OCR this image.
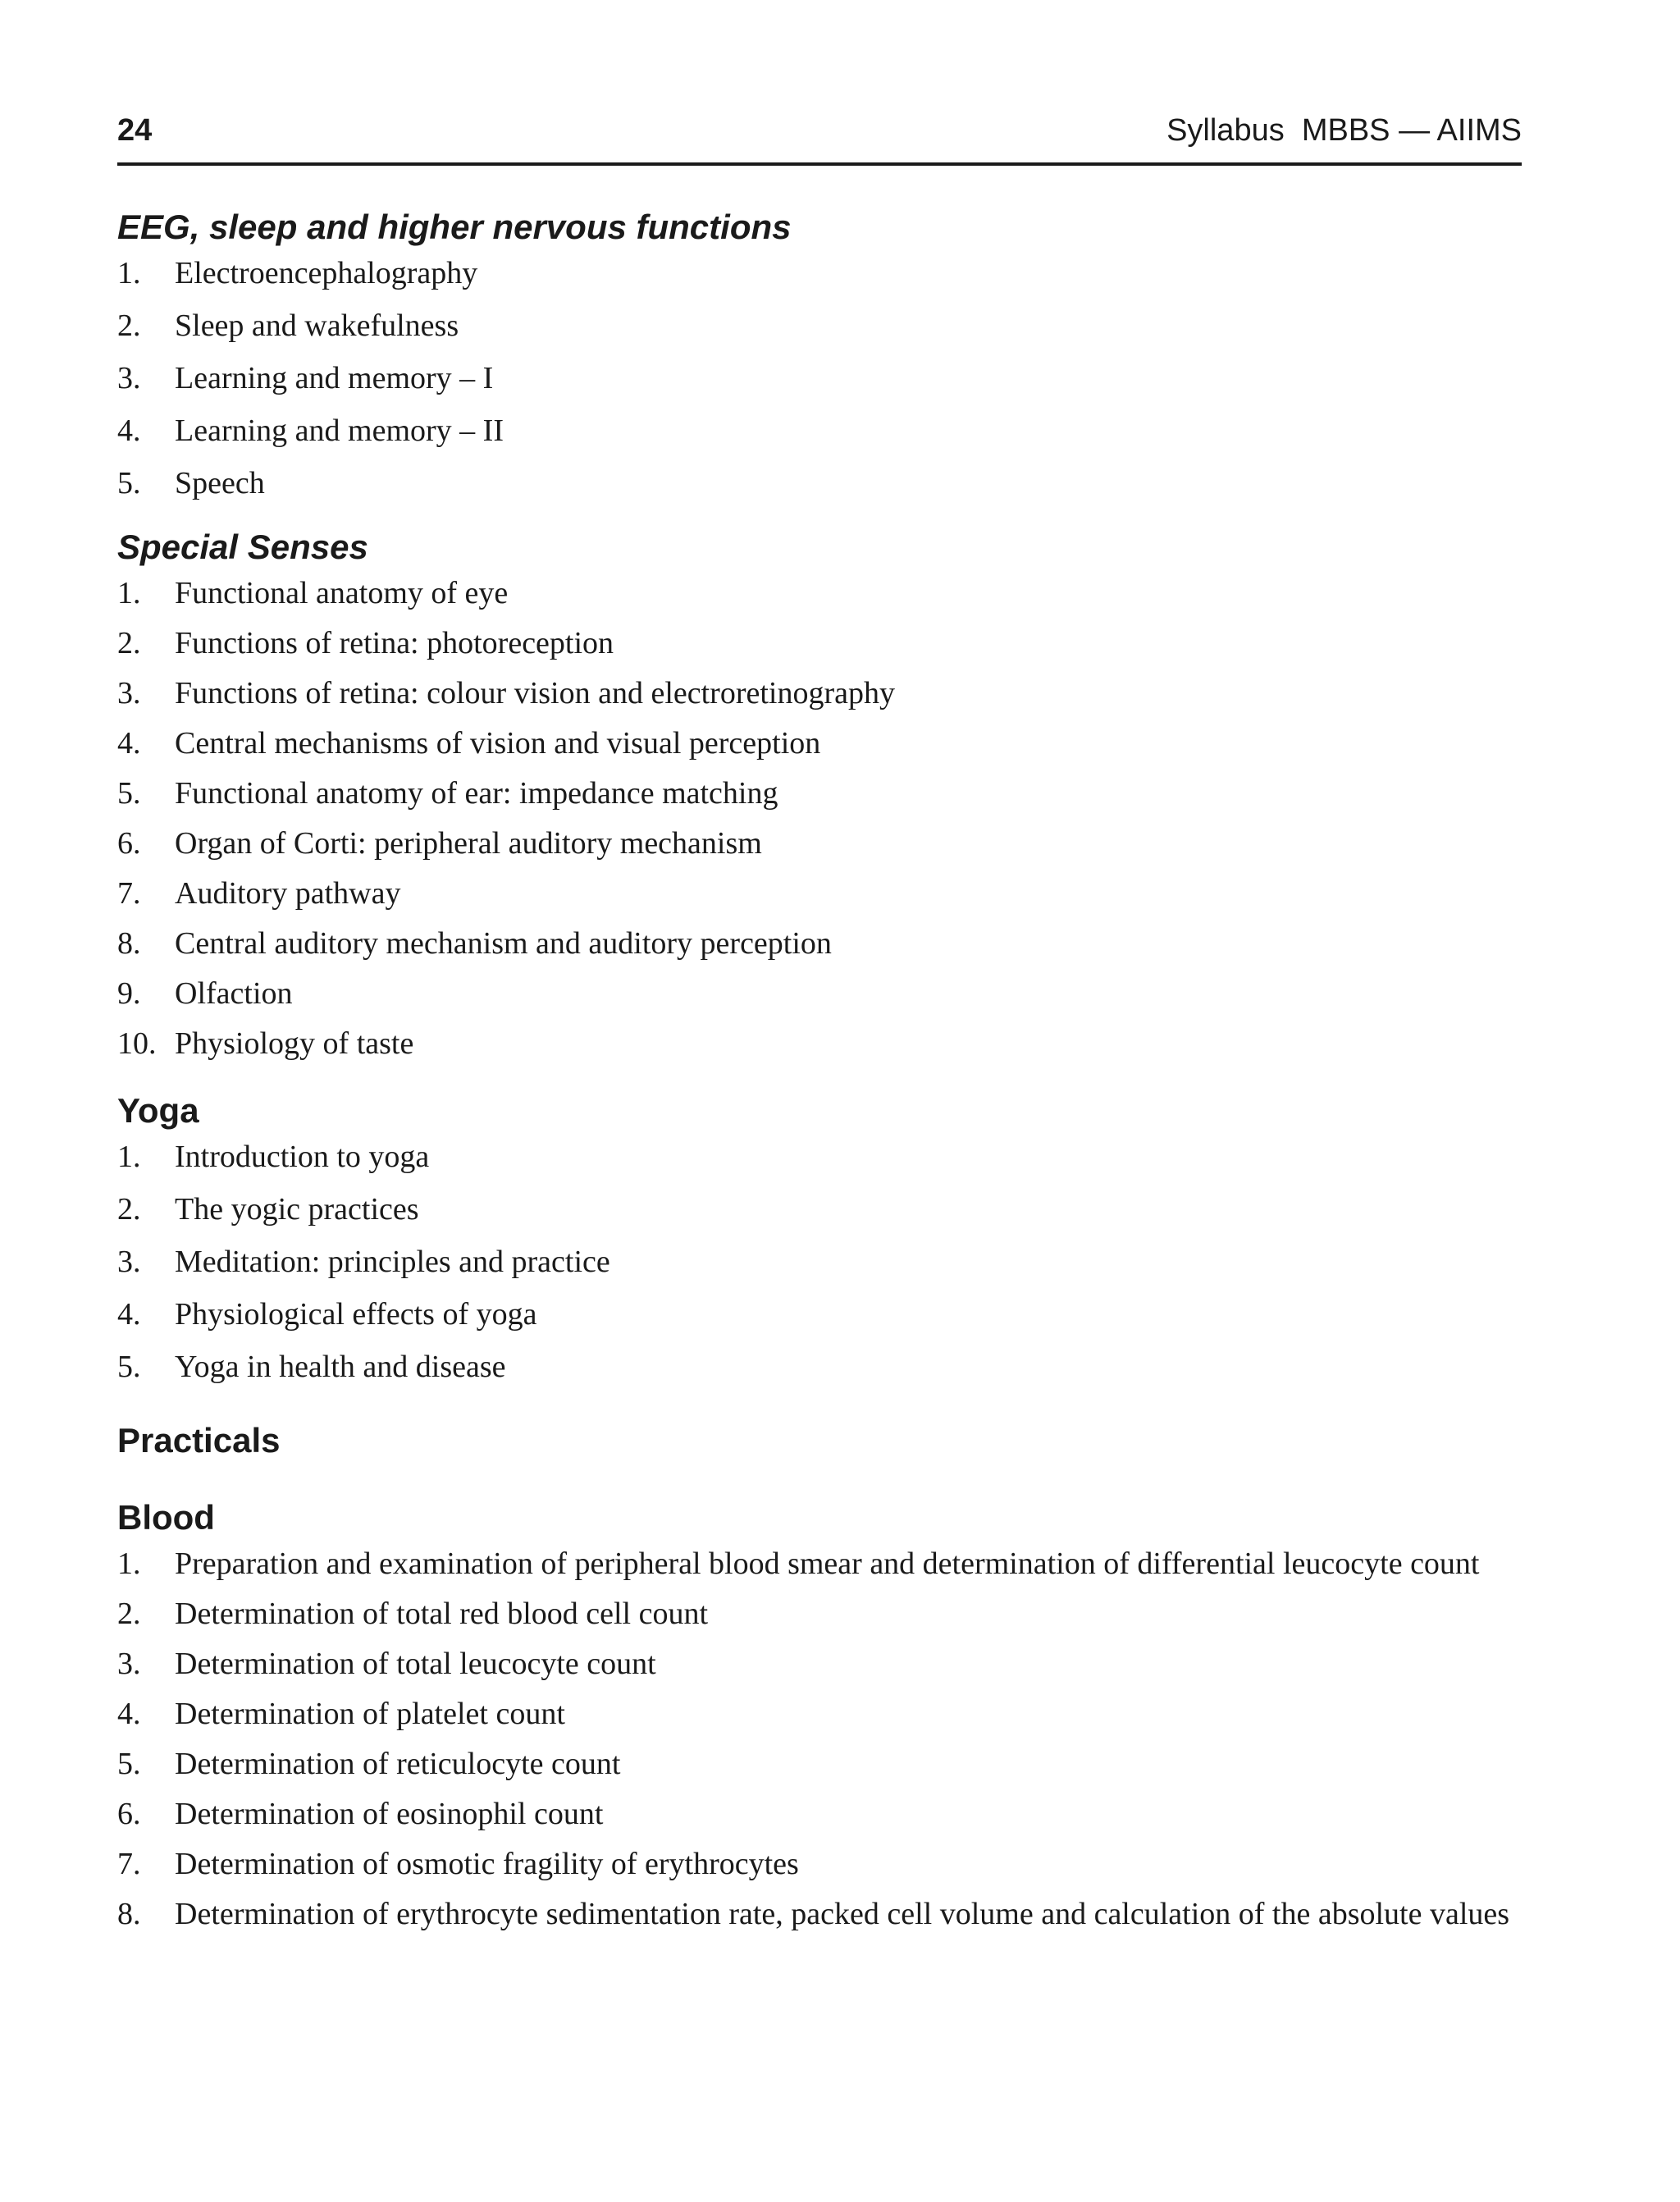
24	Syllabus  MBBS — AIIMS
EEG, sleep and higher nervous functions
1.	Electroencephalography
2.	Sleep and wakefulness
3.	Learning and memory – I
4.	Learning and memory – II
5.	Speech
Special Senses
1.	Functional anatomy of eye
2.	Functions of retina: photoreception
3.	Functions of retina: colour vision and electroretinography
4.	Central mechanisms of vision and visual perception
5.	Functional anatomy of ear: impedance matching
6.	Organ of Corti: peripheral auditory mechanism
7.	Auditory pathway
8.	Central auditory mechanism and auditory perception
9.	Olfaction
10. Physiology of taste
Yoga
1.	Introduction to yoga
2.	The yogic practices
3.	Meditation: principles and practice
4.	Physiological effects of yoga
5.	Yoga in health and disease
Practicals
Blood
1.	Preparation and examination of peripheral blood smear and determination of differential leucocyte count
2.	Determination of total red blood cell count
3.	Determination of total leucocyte count
4.	Determination of platelet count
5.	Determination of reticulocyte count
6.	Determination of eosinophil count
7.	Determination of osmotic fragility of erythrocytes
8.	Determination of erythrocyte sedimentation rate, packed cell volume and calculation of the absolute values
